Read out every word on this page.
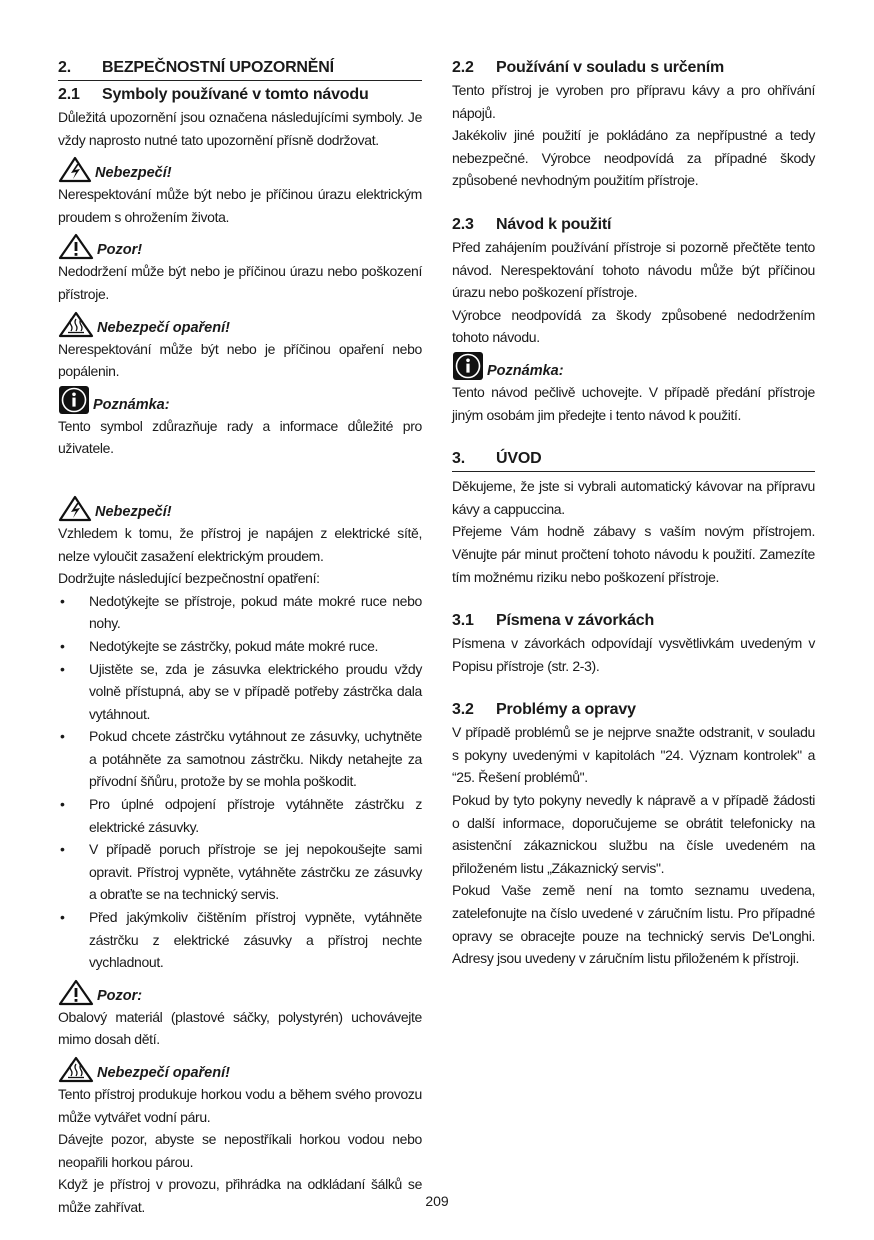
2. BEZPEČNOSTNÍ UPOZORNĚNÍ
2.1 Symboly používané v tomto návodu

Důležitá upozornění jsou označena následujícími symboly. Je vždy naprosto nutné tato upozornění přísně dodržovat.

Nebezpečí!

Nerespektování může být nebo je příčinou úrazu elektrickým proudem s ohrožením života.

Pozor!

Nedodržení může být nebo je příčinou úrazu nebo poškození přístroje.

Nebezpečí opaření!

Nerespektování může být nebo je příčinou opaření nebo popálenin.

Poznámka:

Tento symbol zdůrazňuje rady a informace důležité pro uživatele.

Nebezpečí!

Vzhledem k tomu, že přístroj je napájen z elektrické sítě, nelze vyloučit zasažení elektrickým proudem.

Dodržujte následující bezpečnostní opatření:

• Nedotýkejte se přístroje, pokud máte mokré ruce nebo nohy.
• Nedotýkejte se zástrčky, pokud máte mokré ruce.
• Ujistěte se, zda je zásuvka elektrického proudu vždy volně přístupná, aby se v případě potřeby zástrčka dala vytáhnout.
• Pokud chcete zástrčku vytáhnout ze zásuvky, uchytněte a potáhněte za samotnou zástrčku. Nikdy netahejte za přívodní šňůru, protože by se mohla poškodit.
• Pro úplné odpojení přístroje vytáhněte zástrčku z elektrické zásuvky.
• V případě poruch přístroje se jej nepokoušejte sami opravit. Přístroj vypněte, vytáhněte zástrčku ze zásuvky a obraťte se na technický servis.
• Před jakýmkoliv čištěním přístroj vypněte, vytáhněte zástrčku z elektrické zásuvky a přístroj nechte vychladnout.
Pozor:

Obalový materiál (plastové sáčky, polystyrén) uchovávejte mimo dosah dětí.

Nebezpečí opaření!

Tento přístroj produkuje horkou vodu a během svého provozu může vytvářet vodní páru.

Dávejte pozor, abyste se nepostříkali horkou vodou nebo neopařili horkou párou.

Když je přístroj v provozu, přihrádka na odkládaní šálků se může zahřívat.

2.2 Používání v souladu s určením

Tento přístroj je vyroben pro přípravu kávy a pro ohřívání nápojů.

Jakékoliv jiné použití je pokládáno za nepřípustné a tedy nebezpečné. Výrobce neodpovídá za případné škody způsobené nevhodným použitím přístroje.

2.3 Návod k použití

Před zahájením používání přístroje si pozorně přečtěte tento návod. Nerespektování tohoto návodu může být příčinou úrazu nebo poškození přístroje.

Výrobce neodpovídá za škody způsobené nedodržením tohoto návodu.

Poznámka:

Tento návod pečlivě uchovejte. V případě předání přístroje jiným osobám jim předejte i tento návod k použití.

3. ÚVOD

Děkujeme, že jste si vybrali automatický kávovar na přípravu kávy a cappuccina.

Přejeme Vám hodně zábavy s vaším novým přístrojem. Věnujte pár minut pročtení tohoto návodu k použití. Zamezíte tím možnému riziku nebo poškození přístroje.

3.1 Písmena v závorkách

Písmena v závorkách odpovídají vysvětlivkám uvedeným v Popisu přístroje (str. 2-3).

3.2 Problémy a opravy

V případě problémů se je nejprve snažte odstranit, v souladu s pokyny uvedenými v kapitolách "24. Význam kontrolek" a “25. Řešení problémů".

Pokud by tyto pokyny nevedly k nápravě a v případě žádosti o další informace, doporučujeme se obrátit telefonicky na asistenční zákaznickou službu na čísle uvedeném na přiloženém listu „Zákaznický servis".

Pokud Vaše země není na tomto seznamu uvedena, zatelefonujte na číslo uvedené v záručním listu. Pro případné opravy se obracejte pouze na technický servis De'Longhi. Adresy jsou uvedeny v záručním listu přiloženém k přístroji.

209
